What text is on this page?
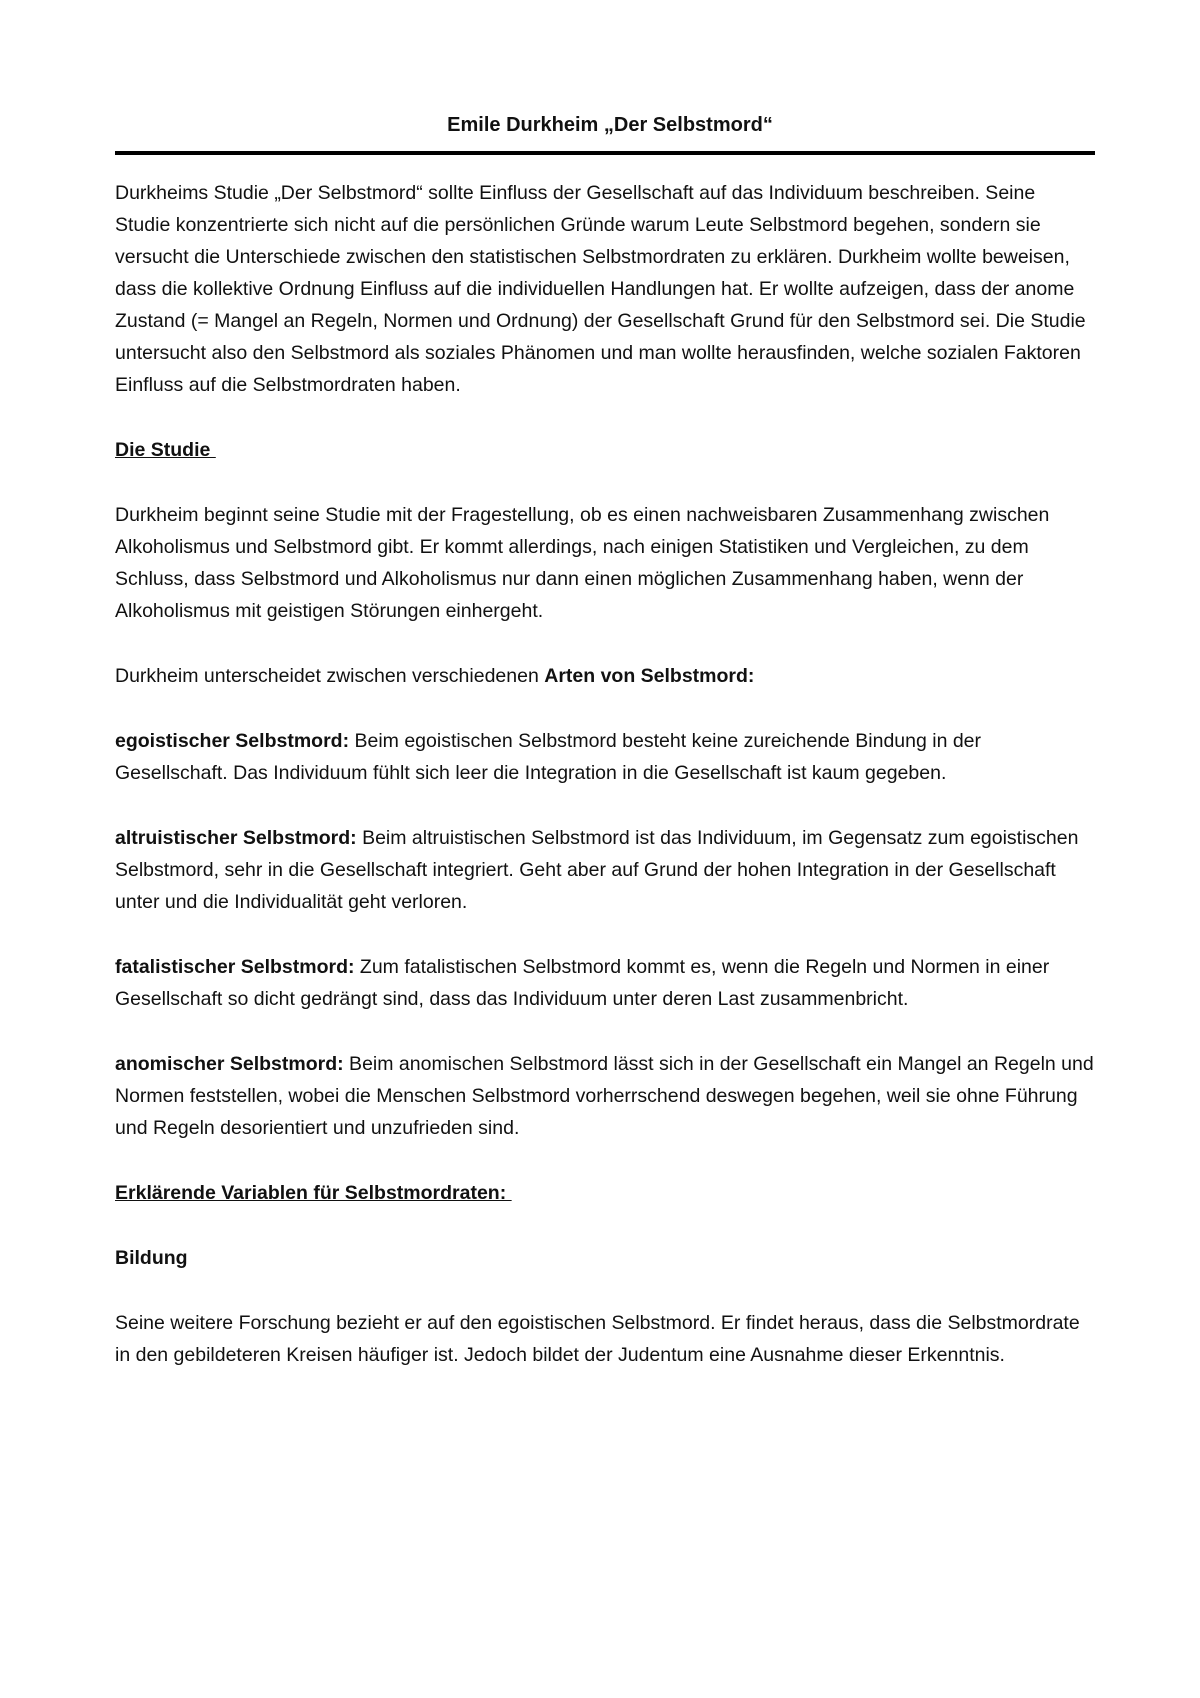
Emile Durkheim „Der Selbstmord“

Durkheims Studie „Der Selbstmord“ sollte Einfluss der Gesellschaft auf das Individuum beschreiben. Seine Studie konzentrierte sich nicht auf die persönlichen Gründe warum Leute Selbstmord begehen, sondern sie versucht die Unterschiede zwischen den statistischen Selbstmordraten zu erklären. Durkheim wollte beweisen, dass die kollektive Ordnung Einfluss auf die individuellen Handlungen hat. Er wollte aufzeigen, dass der anome Zustand (= Mangel an Regeln, Normen und Ordnung) der Gesellschaft Grund für den Selbstmord sei. Die Studie untersucht also den Selbstmord als soziales Phänomen und man wollte herausfinden, welche sozialen Faktoren Einfluss auf die Selbstmordraten haben.

Die Studie

Durkheim beginnt seine Studie mit der Fragestellung, ob es einen nachweisbaren Zusammenhang zwischen Alkoholismus und Selbstmord gibt. Er kommt allerdings, nach einigen Statistiken und Vergleichen, zu dem Schluss, dass Selbstmord und Alkoholismus nur dann einen möglichen Zusammenhang haben, wenn der Alkoholismus mit geistigen Störungen einhergeht.

Durkheim unterscheidet zwischen verschiedenen Arten von Selbstmord:

egoistischer Selbstmord: Beim egoistischen Selbstmord besteht keine zureichende Bindung in der Gesellschaft. Das Individuum fühlt sich leer die Integration in die Gesellschaft ist kaum gegeben.

altruistischer Selbstmord: Beim altruistischen Selbstmord ist das Individuum, im Gegensatz zum egoistischen Selbstmord, sehr in die Gesellschaft integriert. Geht aber auf Grund der hohen Integration in der Gesellschaft unter und die Individualität geht verloren.

fatalistischer Selbstmord: Zum fatalistischen Selbstmord kommt es, wenn die Regeln und Normen in einer Gesellschaft so dicht gedrängt sind, dass das Individuum unter deren Last zusammenbricht.

anomischer Selbstmord: Beim anomischen Selbstmord lässt sich in der Gesellschaft ein Mangel an Regeln und Normen feststellen, wobei die Menschen Selbstmord vorherrschend deswegen begehen, weil sie ohne Führung und Regeln desorientiert und unzufrieden sind.

Erklärende Variablen für Selbstmordraten:

Bildung

Seine weitere Forschung bezieht er auf den egoistischen Selbstmord. Er findet heraus, dass die Selbstmordrate in den gebildeteren Kreisen häufiger ist. Jedoch bildet der Judentum eine Ausnahme dieser Erkenntnis.
